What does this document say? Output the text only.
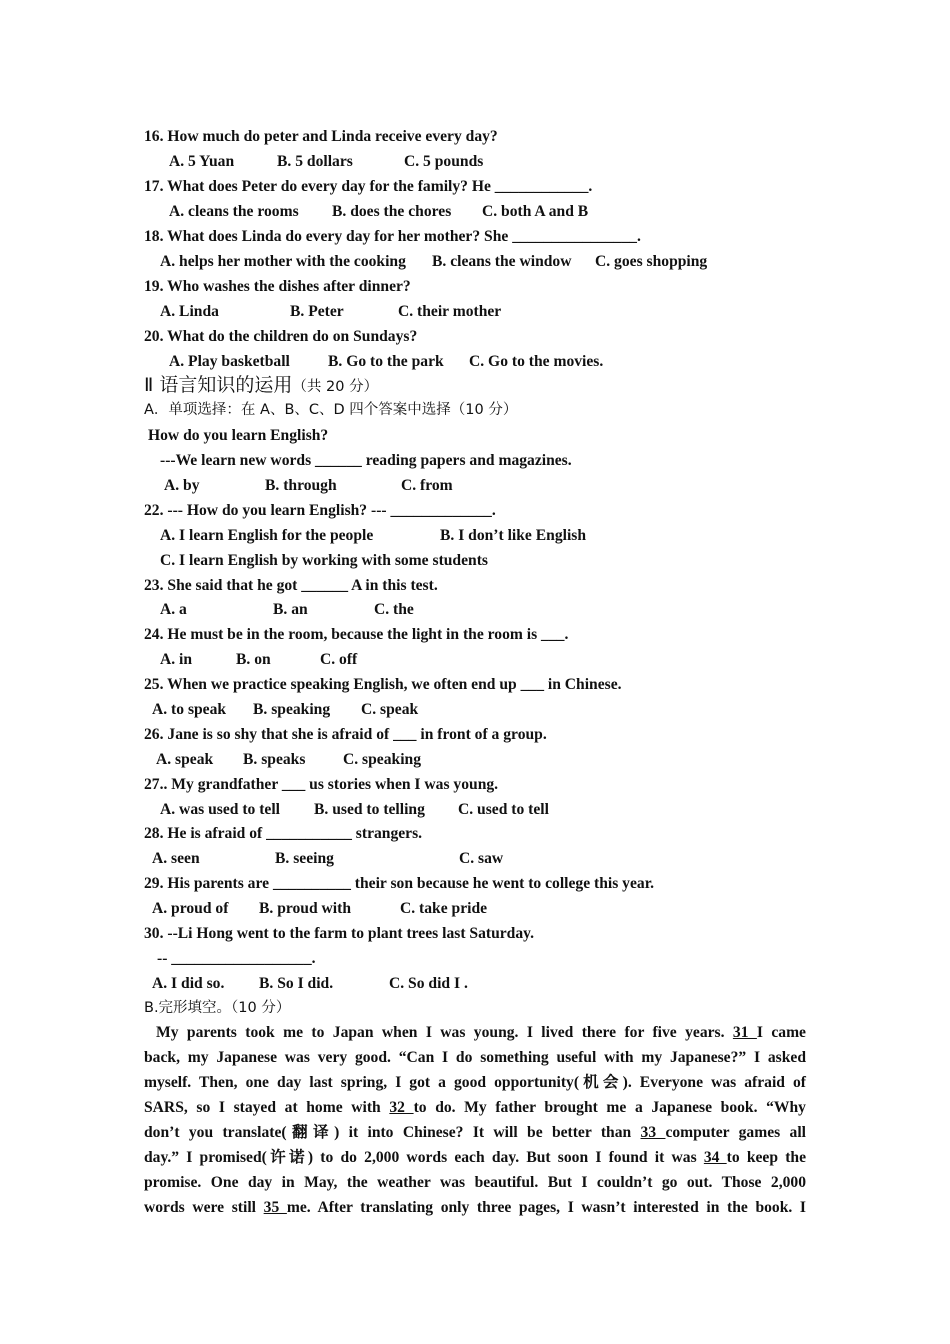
16. How much do peter and Linda receive every day?
A. 5 Yuan	B. 5 dollars	C. 5 pounds
17. What does Peter do every day for the family? He ____________.
A. cleans the rooms B. does the chores C. both A and B
18. What does Linda do every day for her mother? She ________________.
A. helps her mother with the cooking B. cleans the window C. goes shopping
19. Who washes the dishes after dinner?
A. Linda	B. Peter	C. their mother
20. What do the children do on Sundays?
A. Play basketball B. Go to the park C. Go to the movies.
Ⅱ 语言知识的运用（共 20 分）
A．单项选择：在 A、B、C、D 四个答案中选择（10 分）
How do you learn English?
---We learn new words ______ reading papers and magazines.
A. by	B. through	C. from
22. --- How do you learn English? --- _____________.
A. I learn English for the people	B. I don’t like English
C. I learn English by working with some students
23. She said that he got ______ A in this test.
A. a	B. an	C. the
24. He must be in the room, because the light in the room is ___.
A. in	B. on	C. off
25. When we practice speaking English, we often end up ___ in Chinese.
A. to speak B. speaking C. speak
26. Jane is so shy that she is afraid of ___ in front of a group.
A. speak B. speaks C. speaking
27.. My grandfather ___ us stories when I was young.
A. was used to tell B. used to telling C. used to tell
28. He is afraid of ___________ strangers.
A. seen	B. seeing	C. saw
29. His parents are __________ their son because he went to college this year.
A. proud of B. proud with	C. take pride
30. --Li Hong went to the farm to plant trees last Saturday.
-- __________________.
A. I did so. B. So I did.	C. So did I .
B.完形填空。（10 分）
My parents took me to Japan when I was young. I lived there for five years. 31 I came
back, my Japanese was very good. “Can I do something useful with my Japanese?” I asked
myself. Then, one day last spring, I got a good opportunity(机会). Everyone was afraid of
SARS, so I stayed at home with 32 to do. My father brought me a Japanese book. “Why
don’t you translate(翻译) it into Chinese? It will be better than 33 computer games all
day.” I promised(许诺) to do 2,000 words each day. But soon I found it was 34 to keep the
promise. One day in May, the weather was beautiful. But I couldn’t go out. Those 2,000
words were still 35 me. After translating only three pages, I wasn’t interested in the book. I
